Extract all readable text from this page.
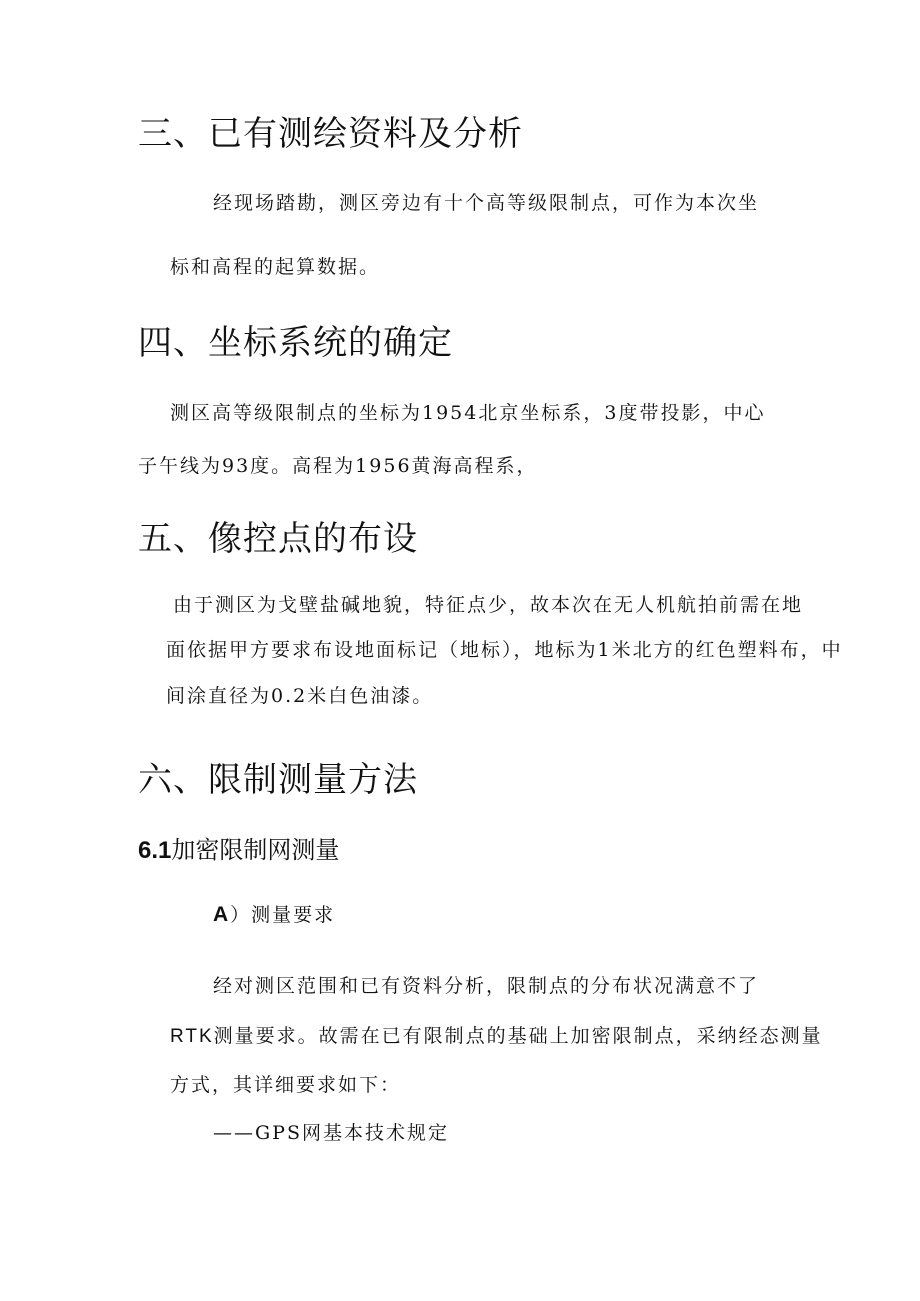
三、已有测绘资料及分析
经现场踏勘，测区旁边有十个高等级限制点，可作为本次坐
标和高程的起算数据。
四、坐标系统的确定
测区高等级限制点的坐标为1954北京坐标系，3度带投影，中心
子午线为93度。高程为1956黄海高程系，
五、像控点的布设
由于测区为戈壁盐碱地貌，特征点少，故本次在无人机航拍前需在地
面依据甲方要求布设地面标记（地标），地标为1米北方的红色塑料布，中
间涂直径为0.2米白色油漆。
六、限制测量方法
6.1加密限制网测量
A）测量要求
经对测区范围和已有资料分析，限制点的分布状况满意不了
RTK测量要求。故需在已有限制点的基础上加密限制点，采纳经态测量
方式，其详细要求如下：
——GPS网基本技术规定
